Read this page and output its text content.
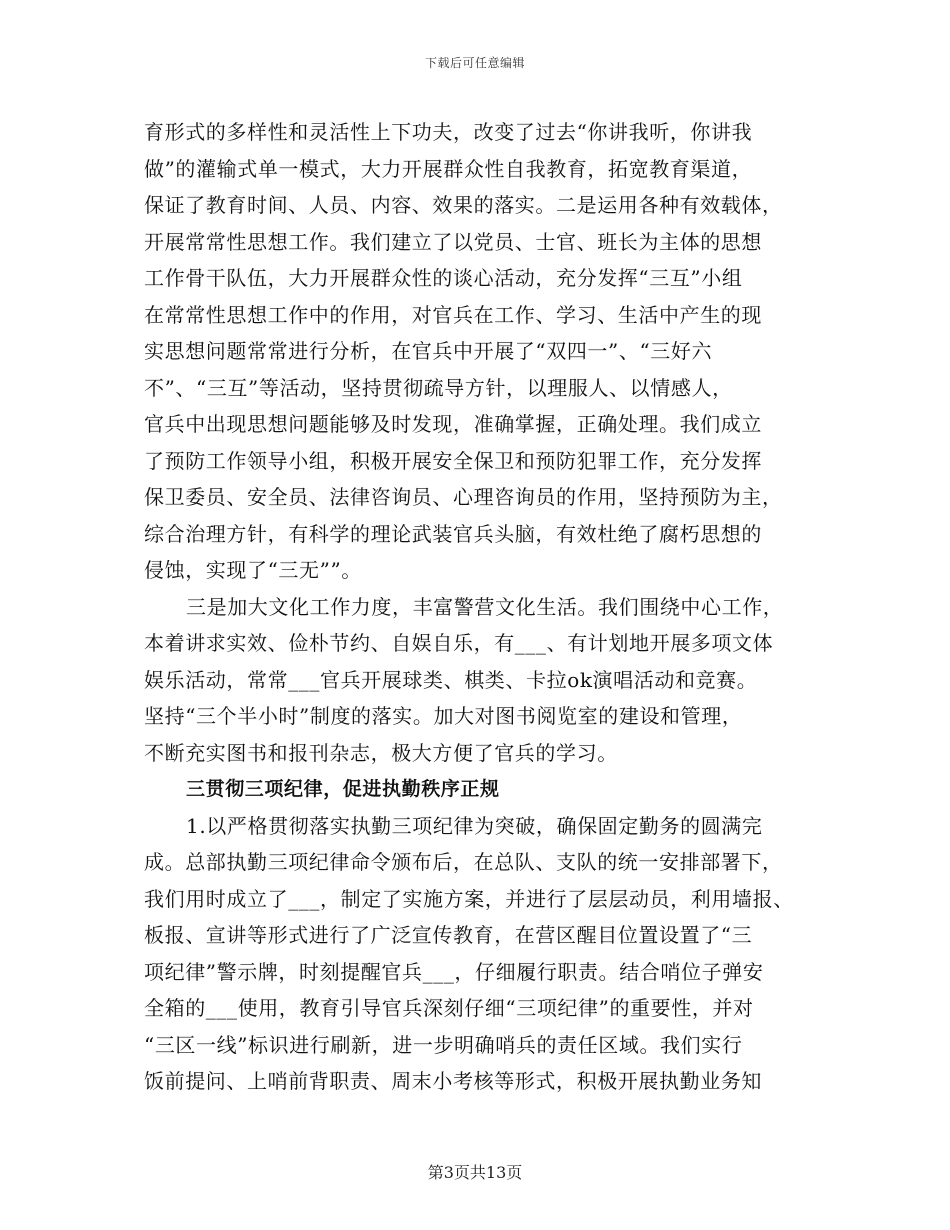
下载后可任意编辑
育形式的多样性和灵活性上下功夫，改变了过去“你讲我听，你讲我
做”的灌输式单一模式，大力开展群众性自我教育，拓宽教育渠道，
保证了教育时间、人员、内容、效果的落实。二是运用各种有效载体，
开展常常性思想工作。我们建立了以党员、士官、班长为主体的思想
工作骨干队伍，大力开展群众性的谈心活动，充分发挥“三互”小组
在常常性思想工作中的作用，对官兵在工作、学习、生活中产生的现
实思想问题常常进行分析，在官兵中开展了“双四一”、“三好六
不”、“三互”等活动，坚持贯彻疏导方针，以理服人、以情感人，
官兵中出现思想问题能够及时发现，准确掌握，正确处理。我们成立
了预防工作领导小组，积极开展安全保卫和预防犯罪工作，充分发挥
保卫委员、安全员、法律咨询员、心理咨询员的作用，坚持预防为主，
综合治理方针，有科学的理论武装官兵头脑，有效杜绝了腐朽思想的
侵蚀，实现了“三无””。
三是加大文化工作力度，丰富警营文化生活。我们围绕中心工作，
本着讲求实效、俭朴节约、自娱自乐，有___、有计划地开展多项文体
娱乐活动，常常___官兵开展球类、棋类、卡拉ok演唱活动和竞赛。
坚持“三个半小时”制度的落实。加大对图书阅览室的建设和管理，
不断充实图书和报刊杂志，极大方便了官兵的学习。
三贯彻三项纪律，促进执勤秩序正规
1.以严格贯彻落实执勤三项纪律为突破，确保固定勤务的圆满完
成。总部执勤三项纪律命令颁布后，在总队、支队的统一安排部署下，
我们用时成立了___，制定了实施方案，并进行了层层动员，利用墙报、
板报、宣讲等形式进行了广泛宣传教育，在营区醒目位置设置了“三
项纪律”警示牌，时刻提醒官兵___，仔细履行职责。结合哨位子弹安
全箱的___使用，教育引导官兵深刻仔细“三项纪律”的重要性，并对
“三区一线”标识进行刷新，进一步明确哨兵的责任区域。我们实行
饭前提问、上哨前背职责、周末小考核等形式，积极开展执勤业务知
第3页共13页
